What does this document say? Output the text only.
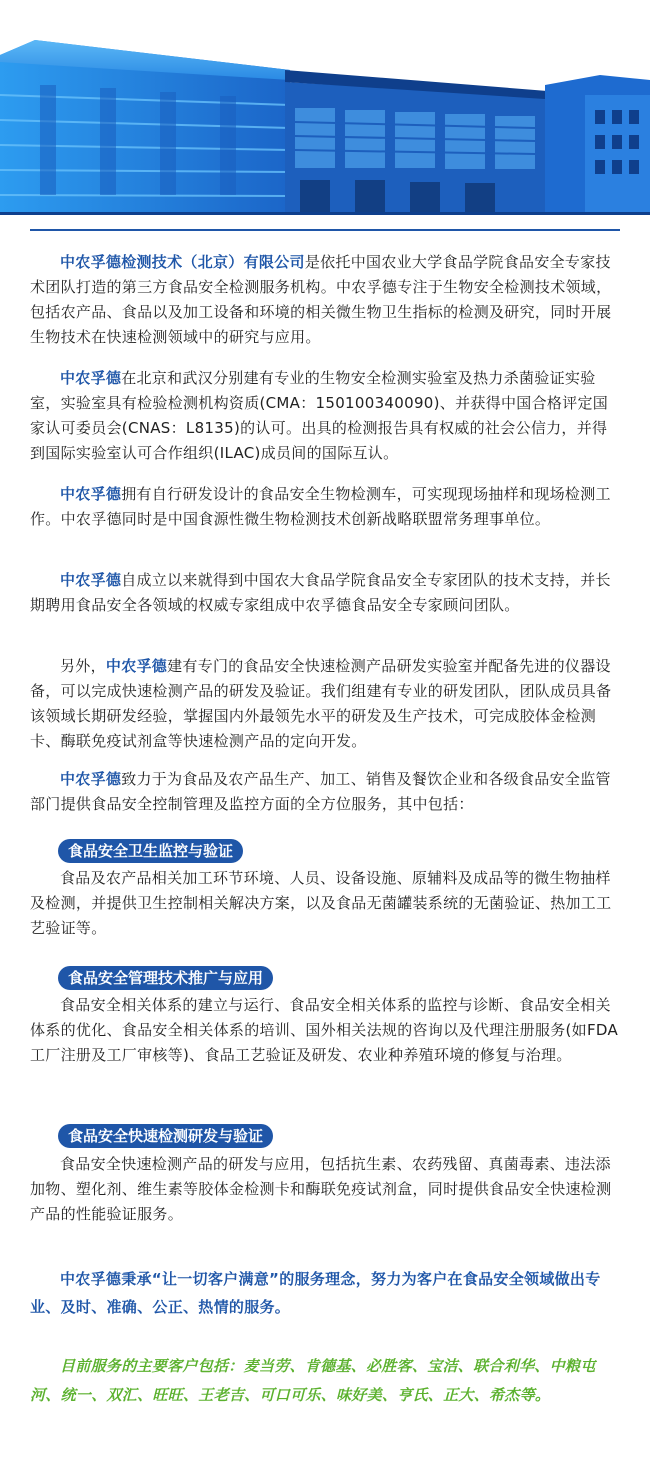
中农孚德检测技术（北京）有限公司是依托中国农业大学食品学院食品安全专家技术团队打造的第三方食品安全检测服务机构。中农孚德专注于生物安全检测技术领域，包括农产品、食品以及加工设备和环境的相关微生物卫生指标的检测及研究，同时开展生物技术在快速检测领域中的研究与应用。

中农孚德在北京和武汉分别建有专业的生物安全检测实验室及热力杀菌验证实验室，实验室具有检验检测机构资质(CMA：150100340090)、并获得中国合格评定国家认可委员会(CNAS：L8135)的认可。出具的检测报告具有权威的社会公信力，并得到国际实验室认可合作组织(ILAC)成员间的国际互认。

中农孚德拥有自行研发设计的食品安全生物检测车，可实现现场抽样和现场检测工作。中农孚德同时是中国食源性微生物检测技术创新战略联盟常务理事单位。

中农孚德自成立以来就得到中国农大食品学院食品安全专家团队的技术支持，并长期聘用食品安全各领域的权威专家组成中农孚德食品安全专家顾问团队。

另外，中农孚德建有专门的食品安全快速检测产品研发实验室并配备先进的仪器设备，可以完成快速检测产品的研发及验证。我们组建有专业的研发团队，团队成员具备该领域长期研发经验，掌握国内外最领先水平的研发及生产技术，可完成胶体金检测卡、酶联免疫试剂盒等快速检测产品的定向开发。

中农孚德致力于为食品及农产品生产、加工、销售及餐饮企业和各级食品安全监管部门提供食品安全控制管理及监控方面的全方位服务，其中包括：

食品安全卫生监控与验证

食品及农产品相关加工环节环境、人员、设备设施、原辅料及成品等的微生物抽样及检测，并提供卫生控制相关解决方案，以及食品无菌罐装系统的无菌验证、热加工工艺验证等。

食品安全管理技术推广与应用

食品安全相关体系的建立与运行、食品安全相关体系的监控与诊断、食品安全相关体系的优化、食品安全相关体系的培训、国外相关法规的咨询以及代理注册服务(如FDA工厂注册及工厂审核等)、食品工艺验证及研发、农业种养殖环境的修复与治理。

食品安全快速检测研发与验证

食品安全快速检测产品的研发与应用，包括抗生素、农药残留、真菌毒素、违法添加物、塑化剂、维生素等胶体金检测卡和酶联免疫试剂盒，同时提供食品安全快速检测产品的性能验证服务。

中农孚德秉承“让一切客户满意”的服务理念，努力为客户在食品安全领域做出专业、及时、准确、公正、热情的服务。

目前服务的主要客户包括：麦当劳、肯德基、必胜客、宝洁、联合利华、中粮屯河、统一、双汇、旺旺、王老吉、可口可乐、味好美、亨氏、正大、希杰等。
